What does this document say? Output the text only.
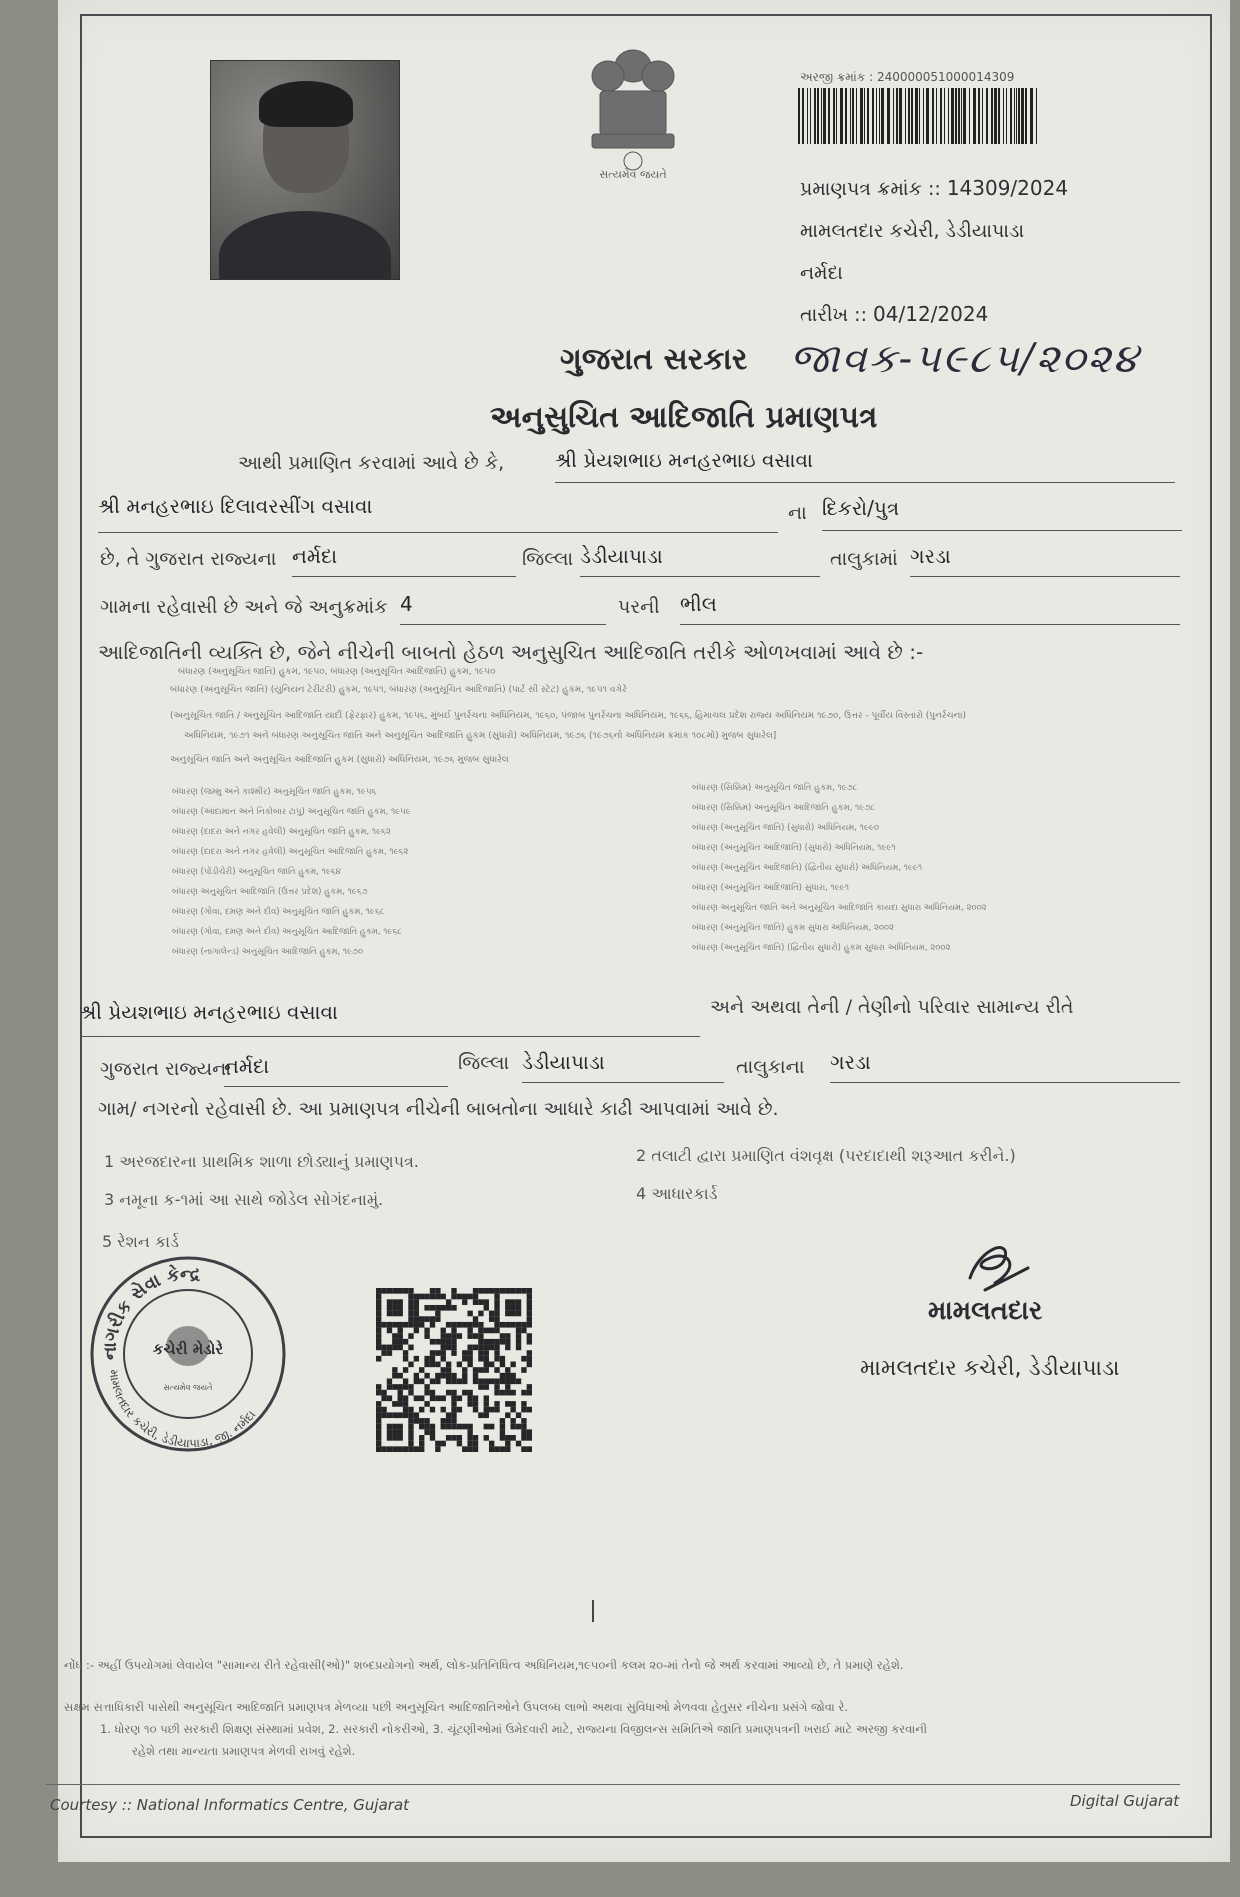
સત્યમેવ જયતે
અરજી ક્રમાંક : 240000051000014309
પ્રમાણપત્ર ક્રમાંક :: 14309/2024
મામલતદાર કચેરી, ડેડીયાપાડા
નર્મદા
તારીખ :: 04/12/2024
ગુજરાત સરકાર જાવક-૫૯૮૫/૨૦૨૪
અનુસુચિત આદિજાતિ પ્રમાણપત્ર
આથી પ્રમાણિત કરવામાં આવે છે કે,	શ્રી પ્રેયશભાઇ મનહરભાઇ વસાવા
શ્રી મનહરભાઇ દિલાવરસીંગ વસાવા	ના દિકરો/પુત્ર
છે, તે ગુજરાત રાજ્યના નર્મદા	જિલ્લા ડેડીયાપાડા	તાલુકામાં ગરડા
ગામના રહેવાસી છે અને જે અનુક્રમાંક 4	પરની ભીલ
આદિજાતિની વ્યક્તિ છે, જેને નીચેની બાબતો હેઠળ અનુસુચિત આદિજાતિ તરીકે ઓળખવામાં આવે છે :-
બંધારણ (અનુસૂચિત જાતિ) હુકમ, ૧૯૫૦, બંધારણ (અનુસૂચિત આદિજાતિ) હુકમ, ૧૯૫૦
બંધારણ (અનુસૂચિત જાતિ) (યુનિયન ટેરીટરી) હુકમ, ૧૯૫૧, બંધારણ (અનુસૂચિત આદિજાતિ) (પાર્ટ સી સ્ટેટ) હુકમ, ૧૯૫૧ વગેરે
(અનુસૂચિત જાતિ / અનુસૂચિત આદિજાતિ યાદી (ફેરફાર) હુકમ, ૧૯૫૬, મુંબઈ પુનર્રચના અધિનિયમ, ૧૯૬૦, પંજાબ પુનર્રચના અધિનિયમ, ૧૯૬૬, હિમાચલ પ્રદેશ રાજ્ય અધિનિયમ ૧૯૭૦, ઉત્તર - પૂર્વીય વિસ્તારો (પુનર્રચના)
અધિનિયમ, ૧૯૭૧ અને બંધારણ અનુસૂચિત જાતિ અને અનુસૂચિત આદિજાતિ હુકમ (સુધારો) અધિનિયમ, ૧૯૭૬ (૧૯૭૬નો અધિનિયમ ક્રમાંક ૧૦૮મો) મુજબ સુધારેલ]
અનુસૂચિત જાતિ અને અનુસૂચિત આદિજાતિ હુકમ (સુધારો) અધિનિયમ, ૧૯૭૬ મુજબ સુધારેલ
બંધારણ (જમ્મુ અને કાશ્મીર) અનુસૂચિત જાતિ હુકમ, ૧૯૫૬
બંધારણ (આંદામાન અને નિકોબાર ટાપુ) અનુસૂચિત જાતિ હુકમ, ૧૯૫૯
બંધારણ (દાદરા અને નગર હવેલી) અનુસૂચિત જાતિ હુકમ, ૧૯૬૨
બંધારણ (દાદરા અને નગર હવેલી) અનુસૂચિત આદિજાતિ હુકમ, ૧૯૬૨
બંધારણ (પોંડીચેરી) અનુસૂચિત જાતિ હુકમ, ૧૯૬૪
બંધારણ અનુસૂચિત આદિજાતિ (ઉત્તર પ્રદેશ) હુકમ, ૧૯૬૭
બંધારણ (ગોવા, દમણ અને દીવ) અનુસૂચિત જાતિ હુકમ, ૧૯૬૮
બંધારણ (ગોવા, દમણ અને દીવ) અનુસૂચિત આદિજાતિ હુકમ, ૧૯૬૮
બંધારણ (નાગાલેન્ડ) અનુસૂચિત આદિજાતિ હુકમ, ૧૯૭૦
બંધારણ (સિક્કિમ) અનુસૂચિત જાતિ હુકમ, ૧૯૭૮
બંધારણ (સિક્કિમ) અનુસૂચિત આદિજાતિ હુકમ, ૧૯૭૮
બંધારણ (અનુસૂચિત જાતિ) (સુધારો) અધિનિયમ, ૧૯૯૦
બંધારણ (અનુસૂચિત આદિજાતિ) (સુધારો) અધિનિયમ, ૧૯૯૧
બંધારણ (અનુસૂચિત આદિજાતિ) (દ્વિતીય સુધારો) અધિનિયમ, ૧૯૯૧
બંધારણ (અનુસૂચિત આદિજાતિ) સુધારા, ૧૯૯૧
બંધારણ અનુસૂચિત જાતિ અને અનુસૂચિત આદિજાતિ કાયદા સુધારા અધિનિયમ, ૨૦૦૨
બંધારણ (અનુસૂચિત જાતિ) હુકમ સુધારા અધિનિયમ, ૨૦૦૨
બંધારણ (અનુસૂચિત જાતિ) (દ્વિતીય સુધારો) હુકમ સુધારા અધિનિયમ, ૨૦૦૨
શ્રી પ્રેયશભાઇ મનહરભાઇ વસાવા	અને અથવા તેની / તેણીનો પરિવાર સામાન્ય રીતે
ગુજરાત રાજ્યના
નર્મદા	જિલ્લા ડેડીયાપાડા	તાલુકાના ગરડા
ગામ/ નગરનો રહેવાસી છે. આ પ્રમાણપત્ર નીચેની બાબતોના આધારે કાઢી આપવામાં આવે છે.
1 અરજદારના પ્રાથમિક શાળા છોડ્યાનું પ્રમાણપત્ર.	2 તલાટી દ્વારા પ્રમાણિત વંશવૃક્ષ (પરદાદાથી શરૂઆત કરીને.)
3 નમૂના ક-૧માં આ સાથે જોડેલ સોગંદનામું.	4 આધારકાર્ડ
5 રેશન કાર્ડ
નાગરીક સેવા કેન્દ્ર
મામલતદાર કચેરી, ડેડીયાપાડા, જી. નર્મદા
કચેરી મેડોરે
સત્યમેવ જયતે
મામલતદાર
મામલતદાર કચેરી, ડેડીયાપાડા
નોંધ :- અહીં ઉપયોગમાં લેવાયેલ "સામાન્ય રીતે રહેવાસી(ઓ)" શબ્દપ્રયોગનો અર્થ, લોક-પ્રતિનિધિત્વ અધિનિયમ,૧૯૫૦ની કલમ ૨૦-માં તેનો જે અર્થ કરવામાં આવ્યો છે, તે પ્રમાણે રહેશે.
સક્ષમ સત્તાધિકારી પાસેથી અનુસૂચિત આદિજાતિ પ્રમાણપત્ર મેળવ્યા પછી અનુસૂચિત આદિજાતિઓને ઉપલબ્ધ લાભો અથવા સુવિધાઓ મેળવવા હેતુસર નીચેના પ્રસંગે જોવા રે.
1. ધોરણ ૧૦ પછી સરકારી શિક્ષણ સંસ્થામાં પ્રવેશ, 2. સરકારી નોકરીઓ, 3. ચૂંટણીઓમાં ઉમેદવારી માટે, રાજ્યના વિજીલન્સ સમિતિએ જાતિ પ્રમાણપત્રની ખરાઈ માટે અરજી કરવાની
રહેશે તથા માન્યતા પ્રમાણપત્ર મેળવી રાખવું રહેશે.
Courtesy :: National Informatics Centre, Gujarat	Digital Gujarat
